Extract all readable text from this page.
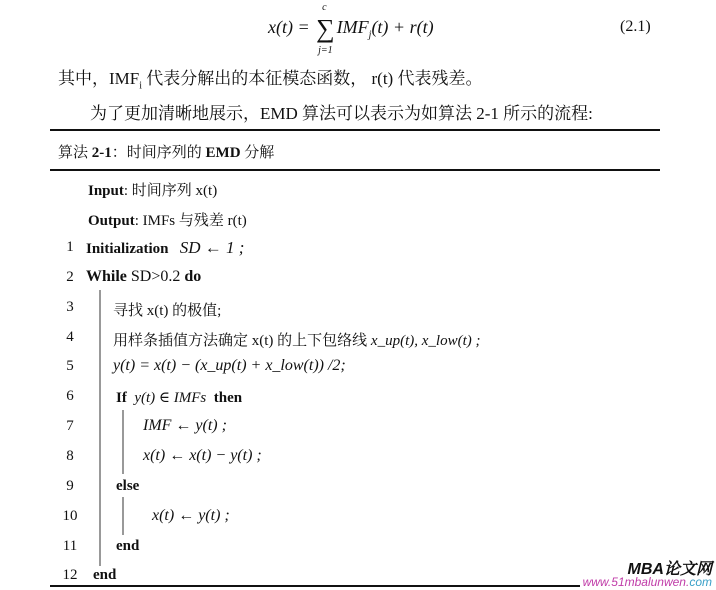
x(t) = ∑
c
j=1
$IMF_j(t) + r(t)$	(2.1)
其中，$IMF_i$ 代表分解出的本征模态函数， r(t) 代表残差。
为了更加清晰地展示，EMD 算法可以表示为如算法 2-1 所示的流程:
算法 2-1：时间序列的 EMD 分解
Input: 时间序列 x(t)
Output: IMFs 与残差 r(t)
1 Initialization SD ← 1 ;
2 While SD>0.2 do
3	寻找 x(t) 的极值;
4	用样条插值方法确定 x(t) 的上下包络线 x_up(t), x_low(t) ;
5	y(t) = x(t) − (x_up(t) + x_low(t)) /2;
6	If y(t) ∈ IMFs then
7	IMF ← y(t) ;
8	x(t) ← x(t) − y(t) ;
9	else
10	x(t) ← y(t) ;
11	end
12 end	MBA论文网
www.51mbalunwen.com
